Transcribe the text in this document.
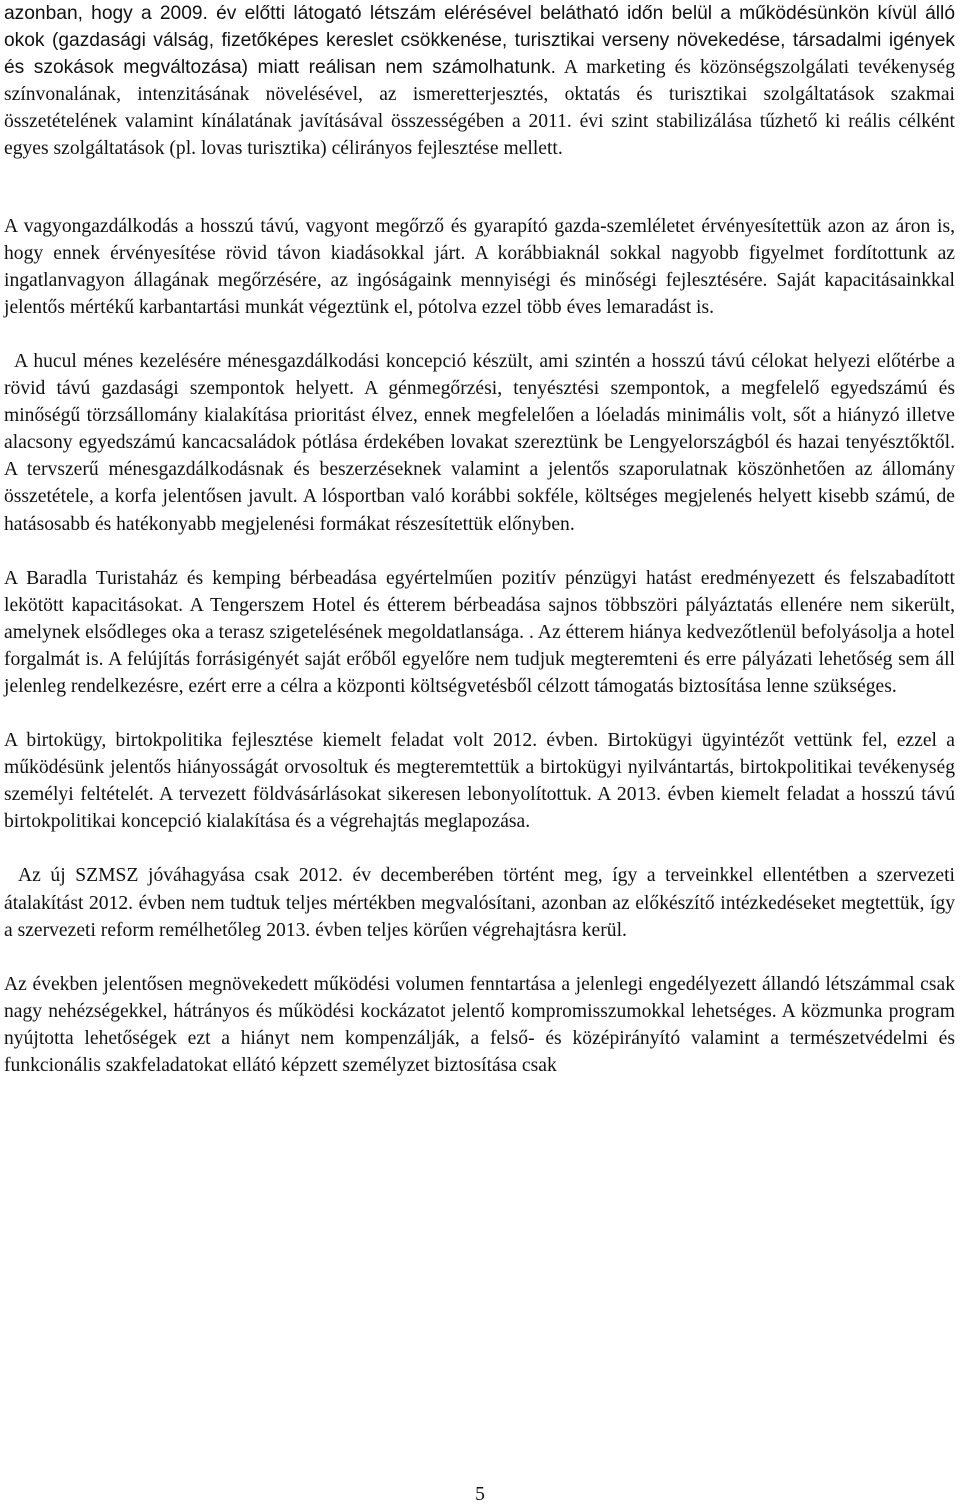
azonban, hogy a 2009. év előtti látogató létszám elérésével belátható időn belül a működésünkön kívül álló okok (gazdasági válság, fizetőképes kereslet csökkenése, turisztikai verseny növekedése, társadalmi igények és szokások megváltozása) miatt reálisan nem számolhatunk. A marketing és közönségszolgálati tevékenység színvonalának, intenzitásának növelésével, az ismeretterjesztés, oktatás és turisztikai szolgáltatások szakmai összetételének valamint kínálatának javításával összességében a 2011. évi szint stabilizálása tűzhető ki reális célként egyes szolgáltatások (pl. lovas turisztika) célirányos fejlesztése mellett.

A vagyongazdálkodás a hosszú távú, vagyont megőrző és gyarapító gazda-szemléletet érvényesítettük azon az áron is, hogy ennek érvényesítése rövid távon kiadásokkal járt. A korábbiaknál sokkal nagyobb figyelmet fordítottunk az ingatlanvagyon állagának megőrzésére, az ingóságaink mennyiségi és minőségi fejlesztésére. Saját kapacitásainkkal jelentős mértékű karbantartási munkát végeztünk el, pótolva ezzel több éves lemaradást is.

A hucul ménes kezelésére ménesgazdálkodási koncepció készült, ami szintén a hosszú távú célokat helyezi előtérbe a rövid távú gazdasági szempontok helyett. A génmegőrzési, tenyésztési szempontok, a megfelelő egyedszámú és minőségű törzsállomány kialakítása prioritást élvez, ennek megfelelően a lóeladás minimális volt, sőt a hiányzó illetve alacsony egyedszámú kancacsaládok pótlása érdekében lovakat szereztünk be Lengyelországból és hazai tenyésztőktől. A tervszerű ménesgazdálkodásnak és beszerzéseknek valamint a jelentős szaporulatnak köszönhetően az állomány összetétele, a korfa jelentősen javult. A lósportban való korábbi sokféle, költséges megjelenés helyett kisebb számú, de hatásosabb és hatékonyabb megjelenési formákat részesítettük előnyben.

A Baradla Turistaház és kemping bérbeadása egyértelműen pozitív pénzügyi hatást eredményezett és felszabadított lekötött kapacitásokat. A Tengerszem Hotel és étterem bérbeadása sajnos többszöri pályáztatás ellenére nem sikerült, amelynek elsődleges oka a terasz szigetelésének megoldatlansága. . Az étterem hiánya kedvezőtlenül befolyásolja a hotel forgalmát is. A felújítás forrásigényét saját erőből egyelőre nem tudjuk megteremteni és erre pályázati lehetőség sem áll jelenleg rendelkezésre, ezért erre a célra a központi költségvetésből célzott támogatás biztosítása lenne szükséges.

A birtokügy, birtokpolitika fejlesztése kiemelt feladat volt 2012. évben. Birtokügyi ügyintézőt vettünk fel, ezzel a működésünk jelentős hiányosságát orvosoltuk és megteremtettük a birtokügyi nyilvántartás, birtokpolitikai tevékenység személyi feltételét. A tervezett földvásárlásokat sikeresen lebonyolítottuk. A 2013. évben kiemelt feladat a hosszú távú birtokpolitikai koncepció kialakítása és a végrehajtás meglapozása.

Az új SZMSZ jóváhagyása csak 2012. év decemberében történt meg, így a terveinkkel ellentétben a szervezeti átalakítást 2012. évben nem tudtuk teljes mértékben megvalósítani, azonban az előkészítő intézkedéseket megtettük, így a szervezeti reform remélhetőleg 2013. évben teljes körűen végrehajtásra kerül.

Az években jelentősen megnövekedett működési volumen fenntartása a jelenlegi engedélyezett állandó létszámmal csak nagy nehézségekkel, hátrányos és működési kockázatot jelentő kompromisszumokkal lehetséges. A közmunka program nyújtotta lehetőségek ezt a hiányt nem kompenzálják, a felső- és középirányító valamint a természetvédelmi és funkcionális szakfeladatokat ellátó képzett személyzet biztosítása csak

5
